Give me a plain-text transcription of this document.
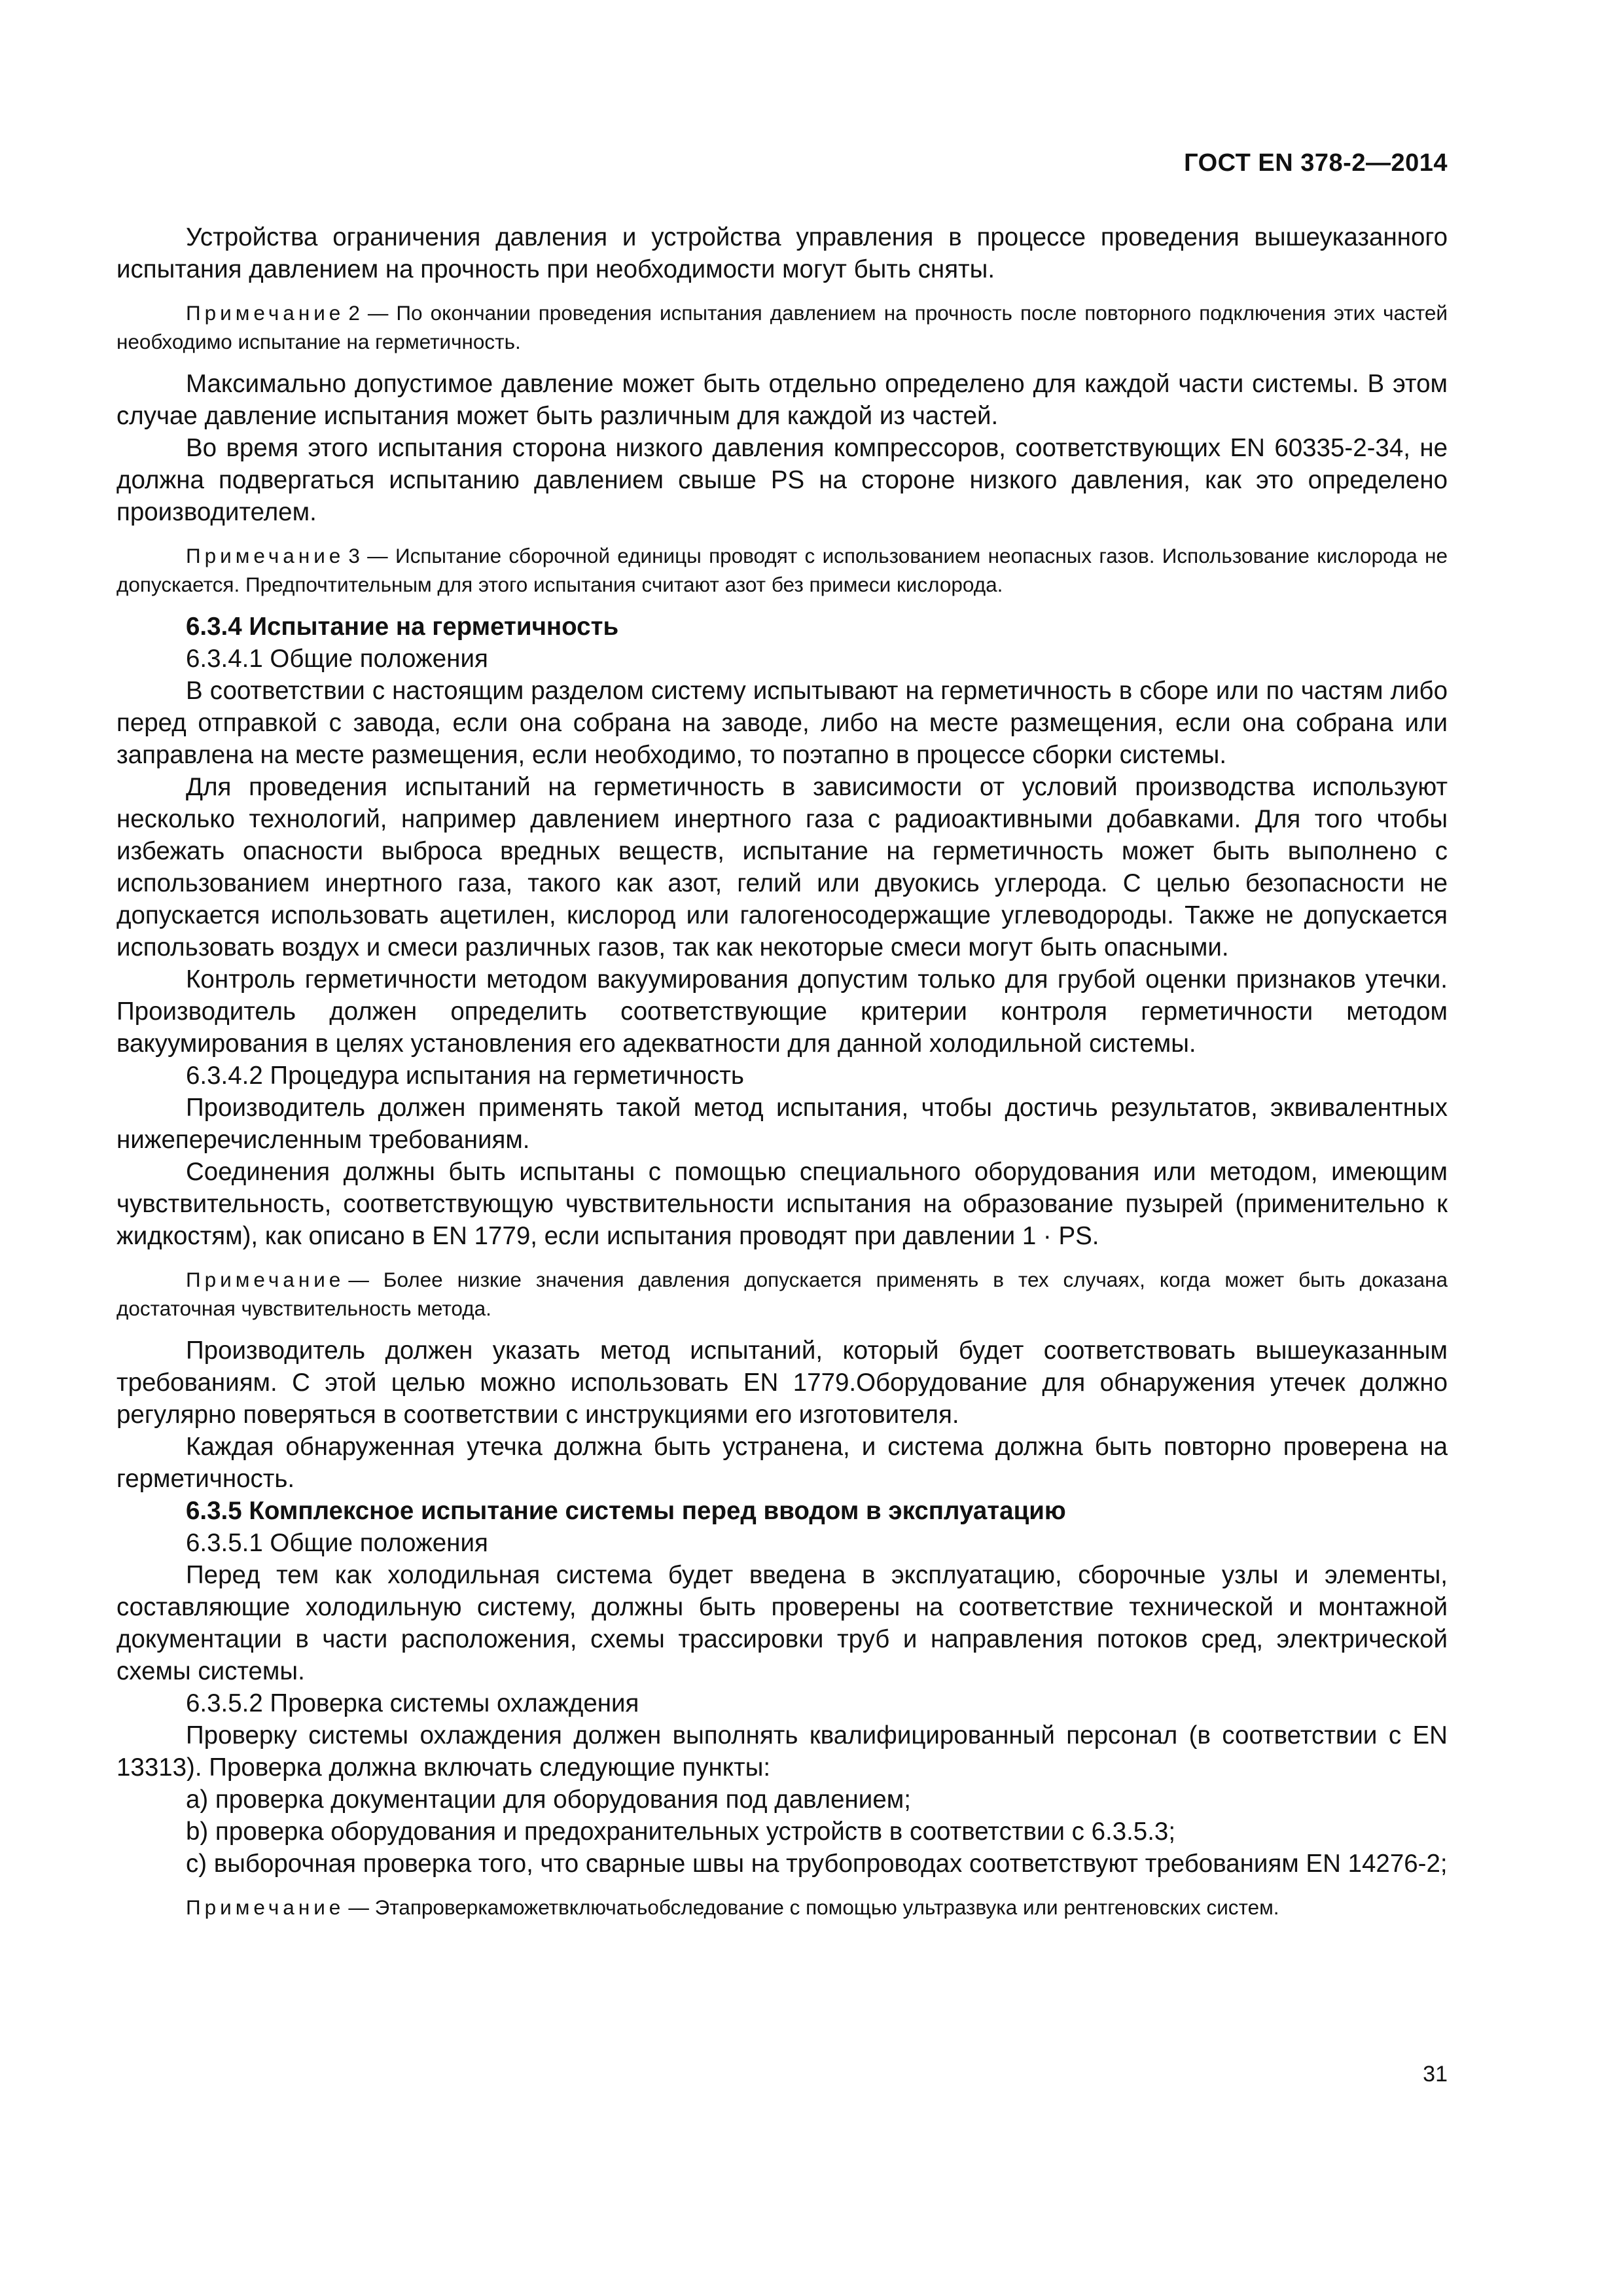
ГОСТ EN 378-2—2014

Устройства ограничения давления и устройства управления в процессе проведения вышеуказанного испытания давлением на прочность при необходимости могут быть сняты.

Примечание 2 — По окончании проведения испытания давлением на прочность после повторного подключения этих частей необходимо испытание на герметичность.

Максимально допустимое давление может быть отдельно определено для каждой части системы. В этом случае давление испытания может быть различным для каждой из частей.

Во время этого испытания сторона низкого давления компрессоров, соответствующих EN 60335-2-34, не должна подвергаться испытанию давлением свыше PS на стороне низкого давления, как это определено производителем.

Примечание 3 — Испытание сборочной единицы проводят с использованием неопасных газов. Использование кислорода не допускается. Предпочтительным для этого испытания считают азот без примеси кислорода.

6.3.4 Испытание на герметичность

6.3.4.1 Общие положения

В соответствии с настоящим разделом систему испытывают на герметичность в сборе или по частям либо перед отправкой с завода, если она собрана на заводе, либо на месте размещения, если она собрана или заправлена на месте размещения, если необходимо, то поэтапно в процессе сборки системы.

Для проведения испытаний на герметичность в зависимости от условий производства используют несколько технологий, например давлением инертного газа с радиоактивными добавками. Для того чтобы избежать опасности выброса вредных веществ, испытание на герметичность может быть выполнено с использованием инертного газа, такого как азот, гелий или двуокись углерода. С целью безопасности не допускается использовать ацетилен, кислород или галогеносодержащие углеводороды. Также не допускается использовать воздух и смеси различных газов, так как некоторые смеси могут быть опасными.

Контроль герметичности методом вакуумирования допустим только для грубой оценки признаков утечки. Производитель должен определить соответствующие критерии контроля герметичности методом вакуумирования в целях установления его адекватности для данной холодильной системы.

6.3.4.2 Процедура испытания на герметичность

Производитель должен применять такой метод испытания, чтобы достичь результатов, эквивалентных нижеперечисленным требованиям.

Соединения должны быть испытаны с помощью специального оборудования или методом, имеющим чувствительность, соответствующую чувствительности испытания на образование пузырей (применительно к жидкостям), как описано в EN 1779, если испытания проводят при давлении 1 · PS.

Примечание — Более низкие значения давления допускается применять в тех случаях, когда может быть доказана достаточная чувствительность метода.

Производитель должен указать метод испытаний, который будет соответствовать вышеуказанным требованиям. С этой целью можно использовать EN 1779.Оборудование для обнаружения утечек должно регулярно поверяться в соответствии с инструкциями его изготовителя.

Каждая обнаруженная утечка должна быть устранена, и система должна быть повторно проверена на герметичность.

6.3.5 Комплексное испытание системы перед вводом в эксплуатацию

6.3.5.1 Общие положения

Перед тем как холодильная система будет введена в эксплуатацию, сборочные узлы и элементы, составляющие холодильную систему, должны быть проверены на соответствие технической и монтажной документации в части расположения, схемы трассировки труб и направления потоков сред, электрической схемы системы.

6.3.5.2 Проверка системы охлаждения

Проверку системы охлаждения должен выполнять квалифицированный персонал (в соответствии с EN 13313). Проверка должна включать следующие пункты:

a) проверка документации для оборудования под давлением;

b) проверка оборудования и предохранительных устройств в соответствии с 6.3.5.3;

c) выборочная проверка того, что сварные швы на трубопроводах соответствуют требованиям EN 14276-2;

Примечание — Этапроверкаможетвключатьобследование с помощью ультразвука или рентгеновских систем.

31
